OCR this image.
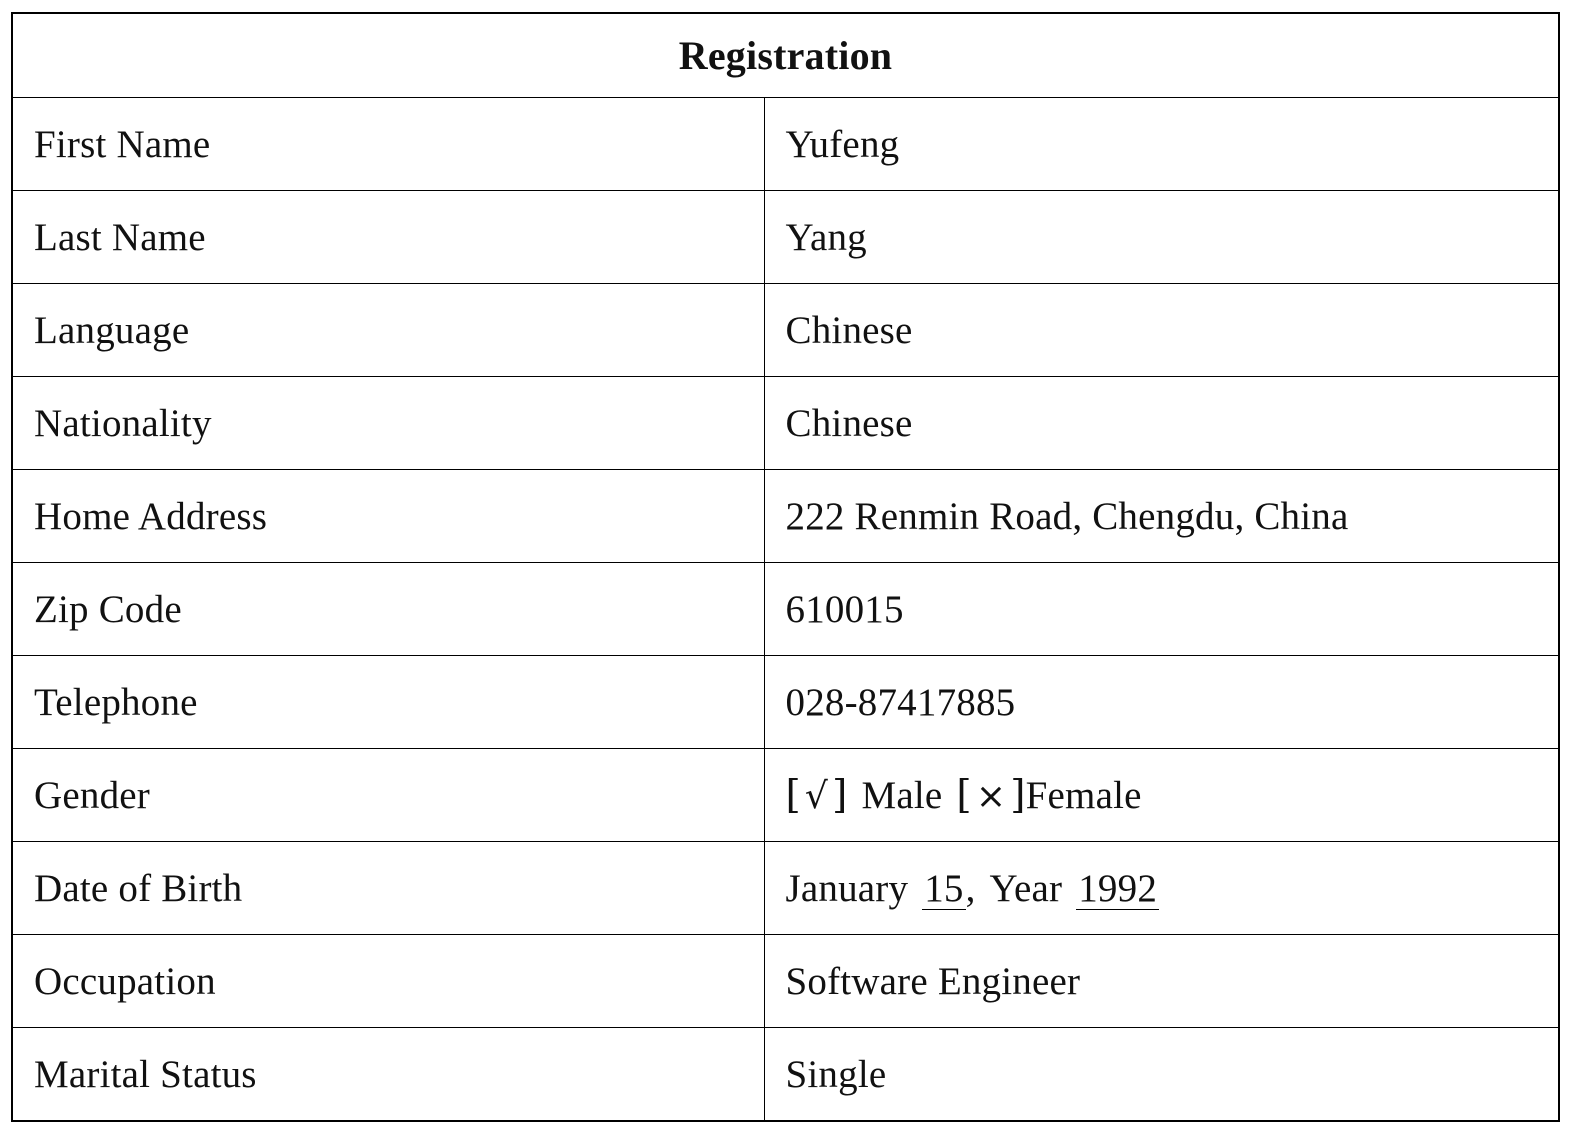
Registration	
First Name	Yufeng
Last Name	Yang
Language	Chinese
Nationality	Chinese
Home Address	222 Renmin Road, Chengdu, China
Zip Code	610015
Telephone	028-87417885
Gender	[ √ ] Male [ × ]Female
Date of Birth	January 15, Year 1992
Occupation	Software Engineer
Marital Status	Single
